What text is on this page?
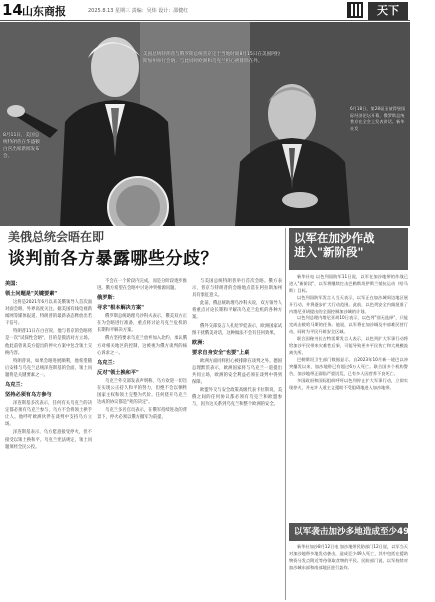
14 山东商报	2025.8.13 星期三 责编：吴炜 设计：邵健红	天下
美国总统特朗普与俄罗斯总统普京定于当地时间8月15日在美国阿拉斯加州举行会晤。与此同时欧洲和乌克兰担心被排除在外。
8月11日，美国总统特朗普在华盛顿白宫出席新闻发布会。
6月18日，第28届圣彼得堡国际经济论坛开幕，俄罗斯总统普京在全会上发表讲话。新华社发
美俄总统会晤在即
谈判前各方暴露哪些分歧？
美国：
领土问题是"关键要素"

这将是2021年6月以来美俄领导人首次面对面会晤，外界高度关注。据美国有线电视新闻网等媒体报道，特朗普的最新表态释放出若干信号。

特朗普11日在白宫说，他与普京的会晤将是一次"试探性会晤"，目的是摸清对方立场。他此前曾说美方提出的停火方案中包含领土交换内容。

特朗普说，如果会晤进展顺利，他希望随后安排与乌克兰总统泽连斯基的会面，领土问题将是关键要素之一。

乌克兰：
坚持必须有乌方参与

泽连斯基多次表示，任何有关乌克兰的决定都必须有乌克兰参与，乌方不会将领土拱手让人。他呼吁欧洲伙伴在谈判中支持乌方立场。

泽连斯基表示，乌方愿意接受停火，但不接受以领土换和平。乌克兰宪法规定，领土问题须经全民公投。

不会在一个阶段内完成，而是分阶段逐步推进。俄方希望在会晤中讨论冲突根源问题。

俄罗斯：
寻求"根本解决方案"

俄罗斯总统助理乌沙科夫表示，俄美双方正在为会晤进行准备，重点将讨论乌克兰危机的长期和平解决方案。

俄方坚持要求乌克兰放弃加入北约，承认俄方对相关地区的控制，这被视为俄方谈判的核心诉求之一。

乌克兰：
反对"领土换和平"

乌克兰外交部发表声明称，乌方欢迎一切旨在实现公正持久和平的努力，但绝不会以牺牲国家主权和领土完整为代价。任何绕开乌克兰达成的协议都是"死的决定"。

乌克兰多名官员表示，在俄军持续进攻的背景下，停火必须以俄方撤军为前提。

与美国总统特朗普举行首次会晤。俄方表示，普京与特朗普的会晤地点选在阿拉斯加州具有象征意义。

此前，俄总统助理乌沙科夫说，双方领导人将重点讨论长期和平解决乌克兰危机的各种方案。

俄外交部发言人扎哈罗娃表示，欧洲国家试图干扰俄美对话，这种做法不会有任何效果。

欧洲：
要求自身安全"也要"上桌

欧洲方面同样担心被排除在谈判之外。德国总理默茨表示，欧洲国家将与乌克兰一道提出共同立场，欧洲的安全利益必须在谈判中得到保障。

欧盟外交与安全政策高级代表卡拉斯说，美俄之间的任何协议都必须有乌克兰和欧盟参与，因为这关系到乌克兰和整个欧洲的安全。

以军在加沙作战
进入"新阶段"

新华社电 以色列国防军11日说，以军在加沙地带的作战已进入"新阶段"，以军将继续打击巴勒斯坦伊斯兰抵抗运动（哈马斯）目标。

以色列国防军发言人当天表示，以军正在加沙城周边地区展开行动，并将逐步扩大行动范围。此前，以色列安全内阁批准了内塔尼亚胡提出的全面控制加沙城的计划。

以色列总理内塔尼亚胡10日表示，以色列"别无选择"，只能完成击败哈马斯的任务。他说，以军将在加沙城及中部难民营行动，同时为平民开辟安全区域。

联合国秘书长古特雷斯发言人表示，以色列扩大军事行动将给加沙平民带来灾难性后果，可能导致更多平民伤亡和大规模流离失所。

巴勒斯坦卫生部门数据显示，自2023年10月新一轮巴以冲突爆发以来，加沙地带已有超过6万人死亡。联合国多个机构警告，加沙地带正面临严重饥荒，已有多人因营养不良死亡。

多国政府和国际组织呼吁以色列停止扩大军事行动，立即实现停火，并允许人道主义援助不受阻碍地进入加沙地带。

以军袭击加沙多地造成至少49人死亡

新华社加沙8月12日电 加沙地带民防部门12日说，以军当天对加沙地带多地发动袭击，造成至少49人死亡，其中包括在援助物资分发点附近等待领取食物的平民。民防部门说，以军持续对加沙城东部和南部地区进行轰炸。
